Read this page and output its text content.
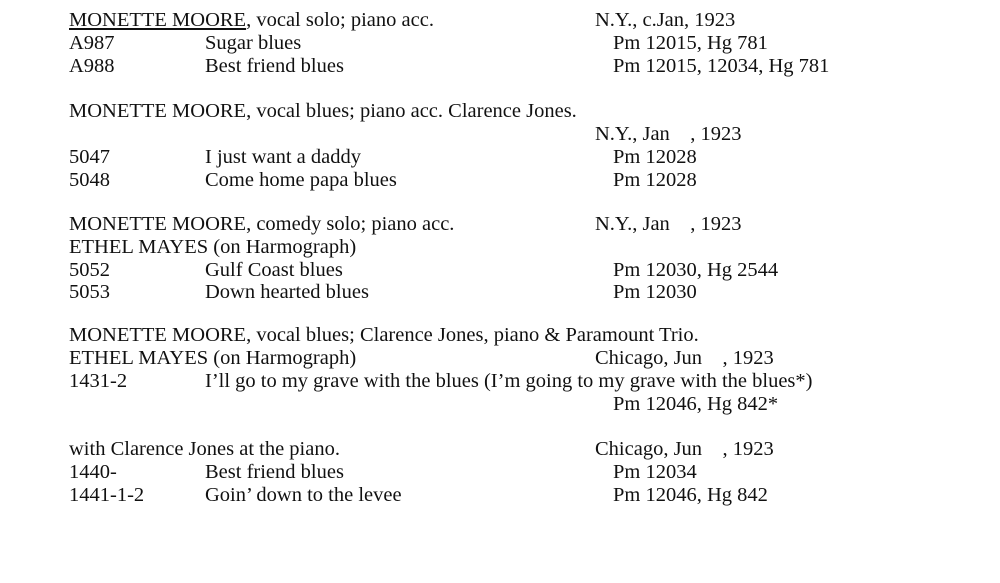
MONETTE MOORE, vocal solo; piano acc.	N.Y., c.Jan, 1923
A987	Sugar blues	Pm 12015, Hg 781
A988	Best friend blues	Pm 12015, 12034, Hg 781
MONETTE MOORE, vocal blues; piano acc. Clarence Jones.
N.Y., Jan    , 1923
5047	I just want a daddy	Pm 12028
5048	Come home papa blues	Pm 12028
MONETTE MOORE, comedy solo; piano acc.	N.Y., Jan    , 1923
ETHEL MAYES (on Harmograph)
5052	Gulf Coast blues	Pm 12030, Hg 2544
5053	Down hearted blues	Pm 12030
MONETTE MOORE, vocal blues; Clarence Jones, piano & Paramount Trio.
ETHEL MAYES (on Harmograph)	Chicago, Jun    , 1923
1431-2	I’ll go to my grave with the blues (I’m going to my grave with the blues*)
Pm 12046, Hg 842*
with Clarence Jones at the piano.	Chicago, Jun    , 1923
1440-	Best friend blues	Pm 12034
1441-1-2	Goin’ down to the levee	Pm 12046, Hg 842
